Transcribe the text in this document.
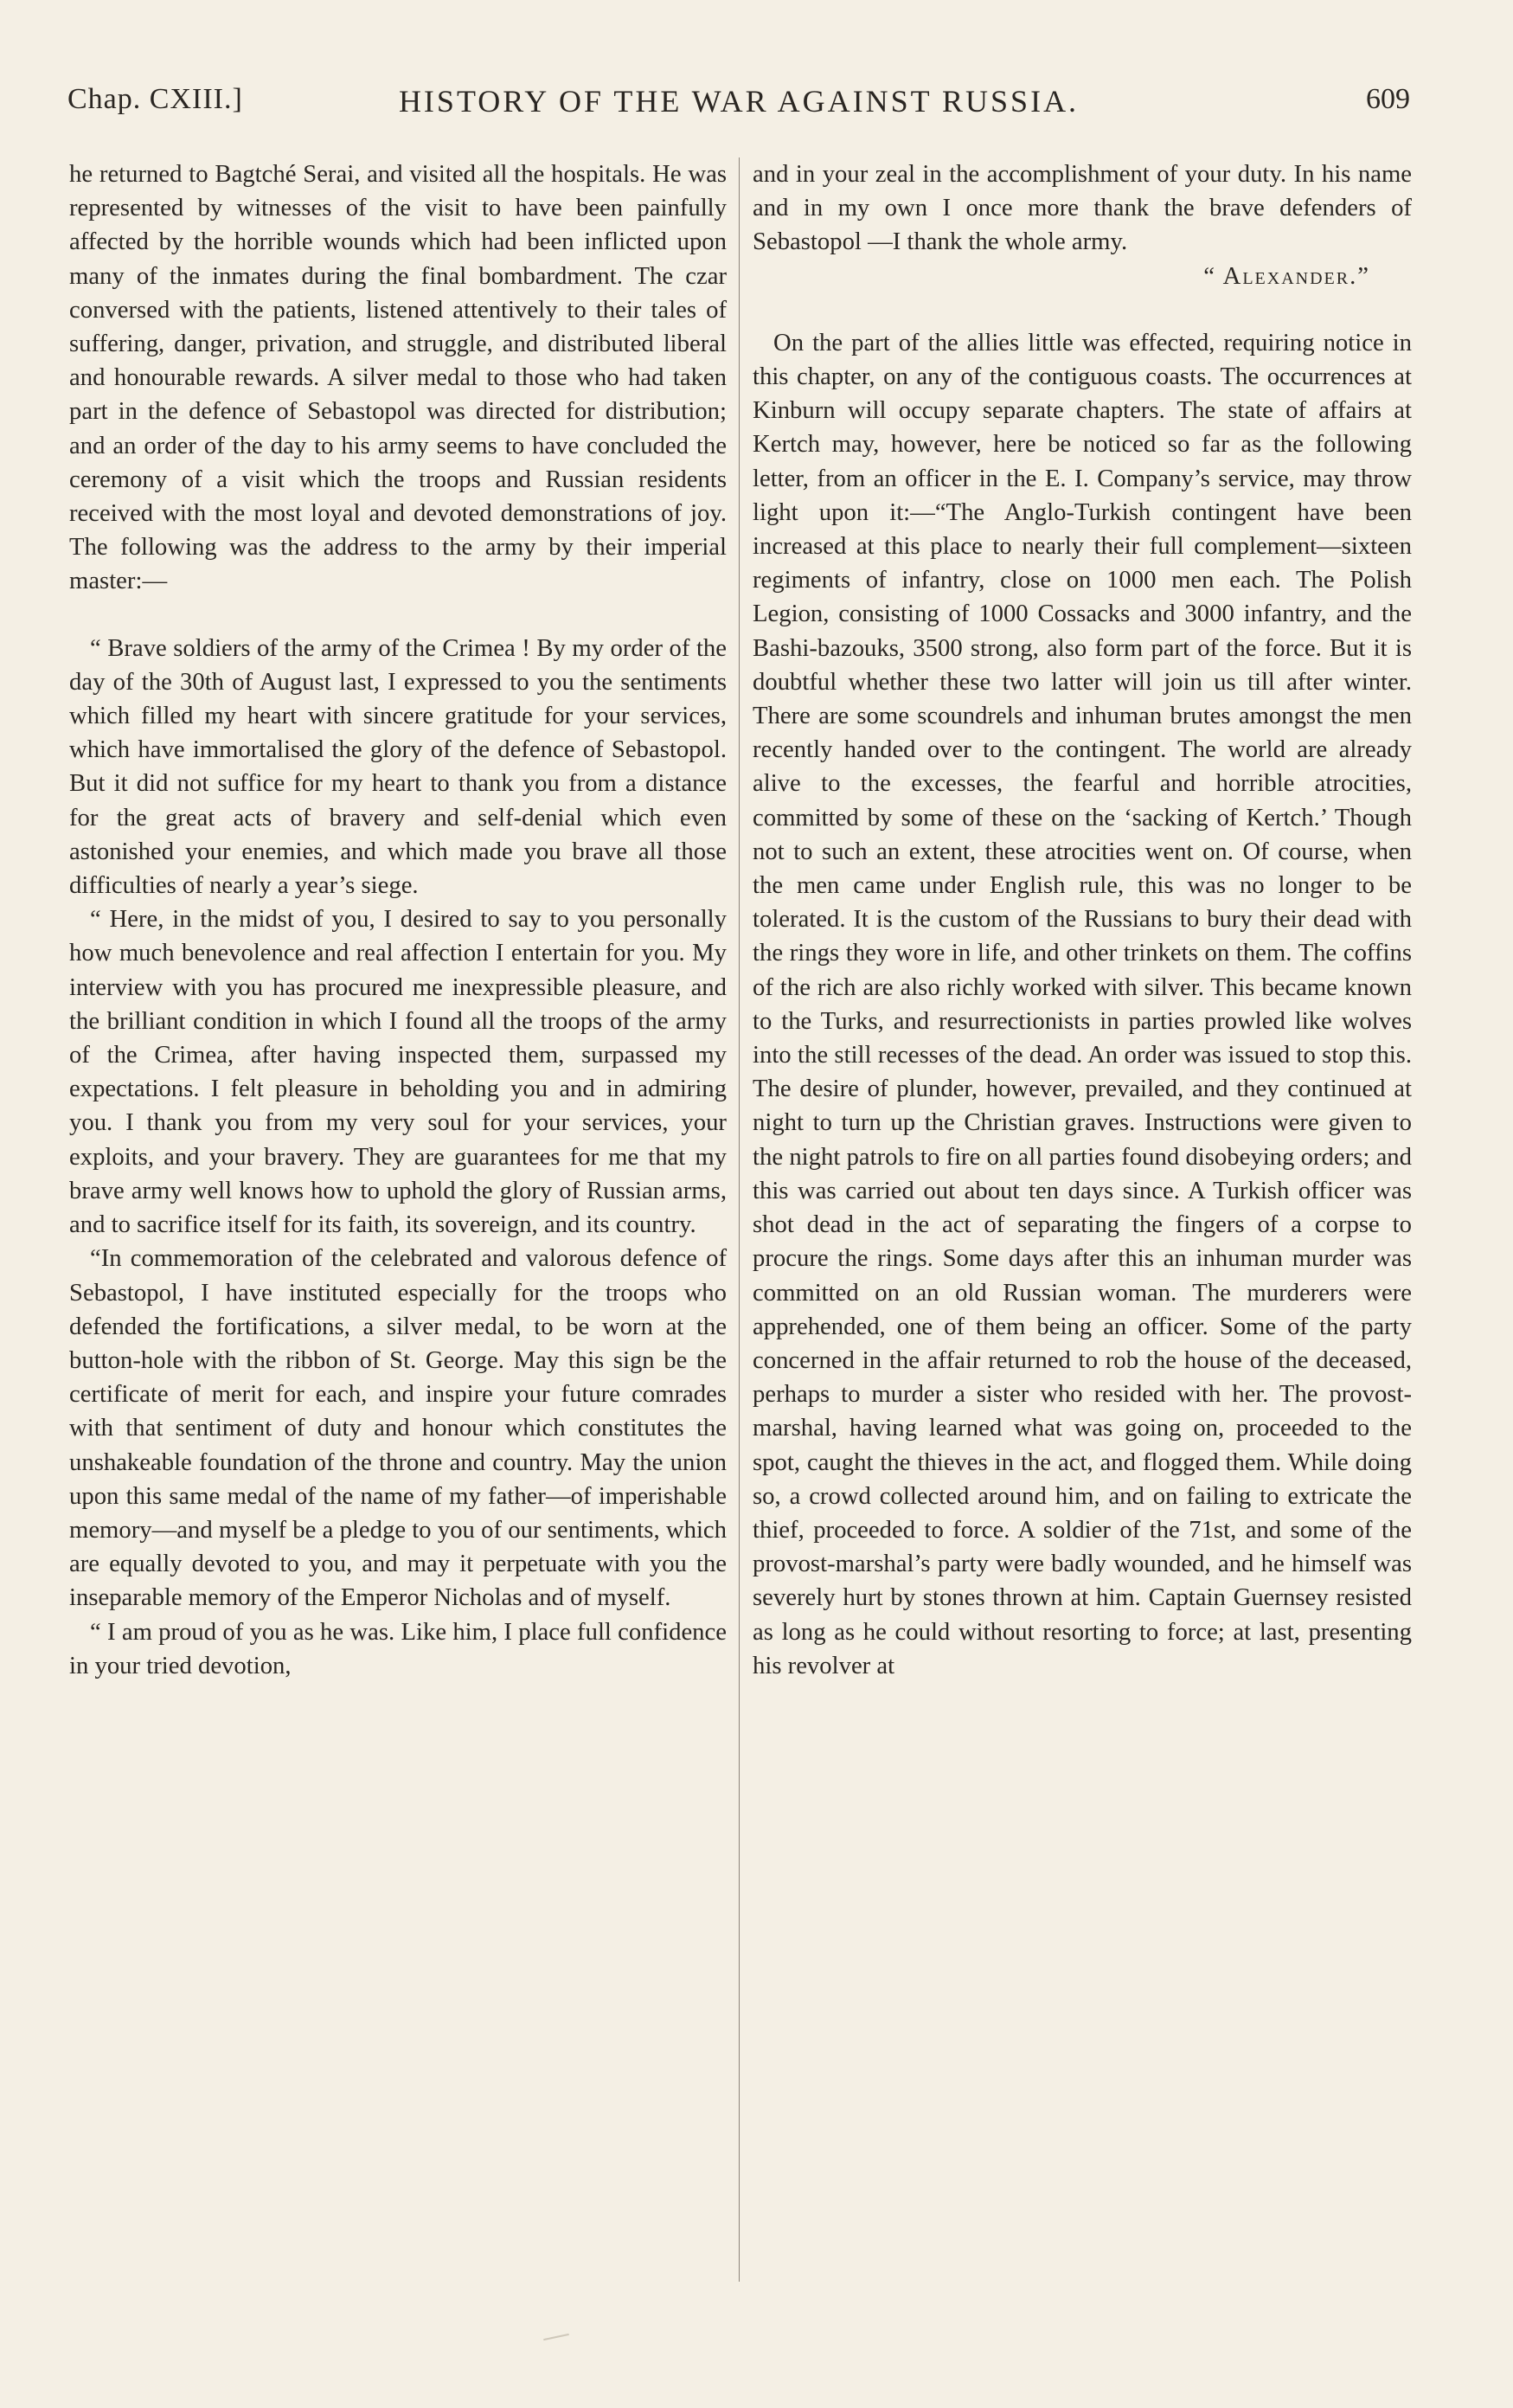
Chap. CXIII.]	HISTORY OF THE WAR AGAINST RUSSIA.	609

he returned to Bagtché Serai, and visited all the hospitals. He was represented by witnesses of the visit to have been painfully affected by the horrible wounds which had been inflicted upon many of the inmates during the final bombardment. The czar conversed with the patients, listened attentively to their tales of suffering, danger, privation, and struggle, and distributed liberal and honourable rewards. A silver medal to those who had taken part in the defence of Sebastopol was directed for distribution; and an order of the day to his army seems to have concluded the ceremony of a visit which the troops and Russian residents received with the most loyal and devoted demonstrations of joy. The following was the address to the army by their imperial master:—

“ Brave soldiers of the army of the Crimea ! By my order of the day of the 30th of August last, I expressed to you the sentiments which filled my heart with sincere gratitude for your services, which have immortalised the glory of the defence of Sebastopol. But it did not suffice for my heart to thank you from a distance for the great acts of bravery and self-denial which even astonished your enemies, and which made you brave all those difficulties of nearly a year’s siege.

“ Here, in the midst of you, I desired to say to you personally how much benevolence and real affection I entertain for you. My interview with you has procured me inexpressible pleasure, and the brilliant condition in which I found all the troops of the army of the Crimea, after having inspected them, surpassed my expectations. I felt pleasure in beholding you and in admiring you. I thank you from my very soul for your services, your exploits, and your bravery. They are guarantees for me that my brave army well knows how to uphold the glory of Russian arms, and to sacrifice itself for its faith, its sovereign, and its country.

“In commemoration of the celebrated and valorous defence of Sebastopol, I have instituted especially for the troops who defended the fortifications, a silver medal, to be worn at the button-hole with the ribbon of St. George. May this sign be the certificate of merit for each, and inspire your future comrades with that sentiment of duty and honour which constitutes the unshakeable foundation of the throne and country. May the union upon this same medal of the name of my father—of imperishable memory—and myself be a pledge to you of our sentiments, which are equally devoted to you, and may it perpetuate with you the inseparable memory of the Emperor Nicholas and of myself.

“ I am proud of you as he was. Like him, I place full confidence in your tried devotion,

and in your zeal in the accomplishment of your duty. In his name and in my own I once more thank the brave defenders of Sebastopol —I thank the whole army.

“ Alexander.”

On the part of the allies little was effected, requiring notice in this chapter, on any of the contiguous coasts. The occurrences at Kinburn will occupy separate chapters. The state of affairs at Kertch may, however, here be noticed so far as the following letter, from an officer in the E. I. Company’s service, may throw light upon it:—“The Anglo-Turkish contingent have been increased at this place to nearly their full complement—sixteen regiments of infantry, close on 1000 men each. The Polish Legion, consisting of 1000 Cossacks and 3000 infantry, and the Bashi-bazouks, 3500 strong, also form part of the force. But it is doubtful whether these two latter will join us till after winter. There are some scoundrels and inhuman brutes amongst the men recently handed over to the contingent. The world are already alive to the excesses, the fearful and horrible atrocities, committed by some of these on the ‘sacking of Kertch.’ Though not to such an extent, these atrocities went on. Of course, when the men came under English rule, this was no longer to be tolerated. It is the custom of the Russians to bury their dead with the rings they wore in life, and other trinkets on them. The coffins of the rich are also richly worked with silver. This became known to the Turks, and resurrectionists in parties prowled like wolves into the still recesses of the dead. An order was issued to stop this. The desire of plunder, however, prevailed, and they continued at night to turn up the Christian graves. Instructions were given to the night patrols to fire on all parties found disobeying orders; and this was carried out about ten days since. A Turkish officer was shot dead in the act of separating the fingers of a corpse to procure the rings. Some days after this an inhuman murder was committed on an old Russian woman. The murderers were apprehended, one of them being an officer. Some of the party concerned in the affair returned to rob the house of the deceased, perhaps to murder a sister who resided with her. The provost-marshal, having learned what was going on, proceeded to the spot, caught the thieves in the act, and flogged them. While doing so, a crowd collected around him, and on failing to extricate the thief, proceeded to force. A soldier of the 71st, and some of the provost-marshal’s party were badly wounded, and he himself was severely hurt by stones thrown at him. Captain Guernsey resisted as long as he could without resorting to force; at last, presenting his revolver at
